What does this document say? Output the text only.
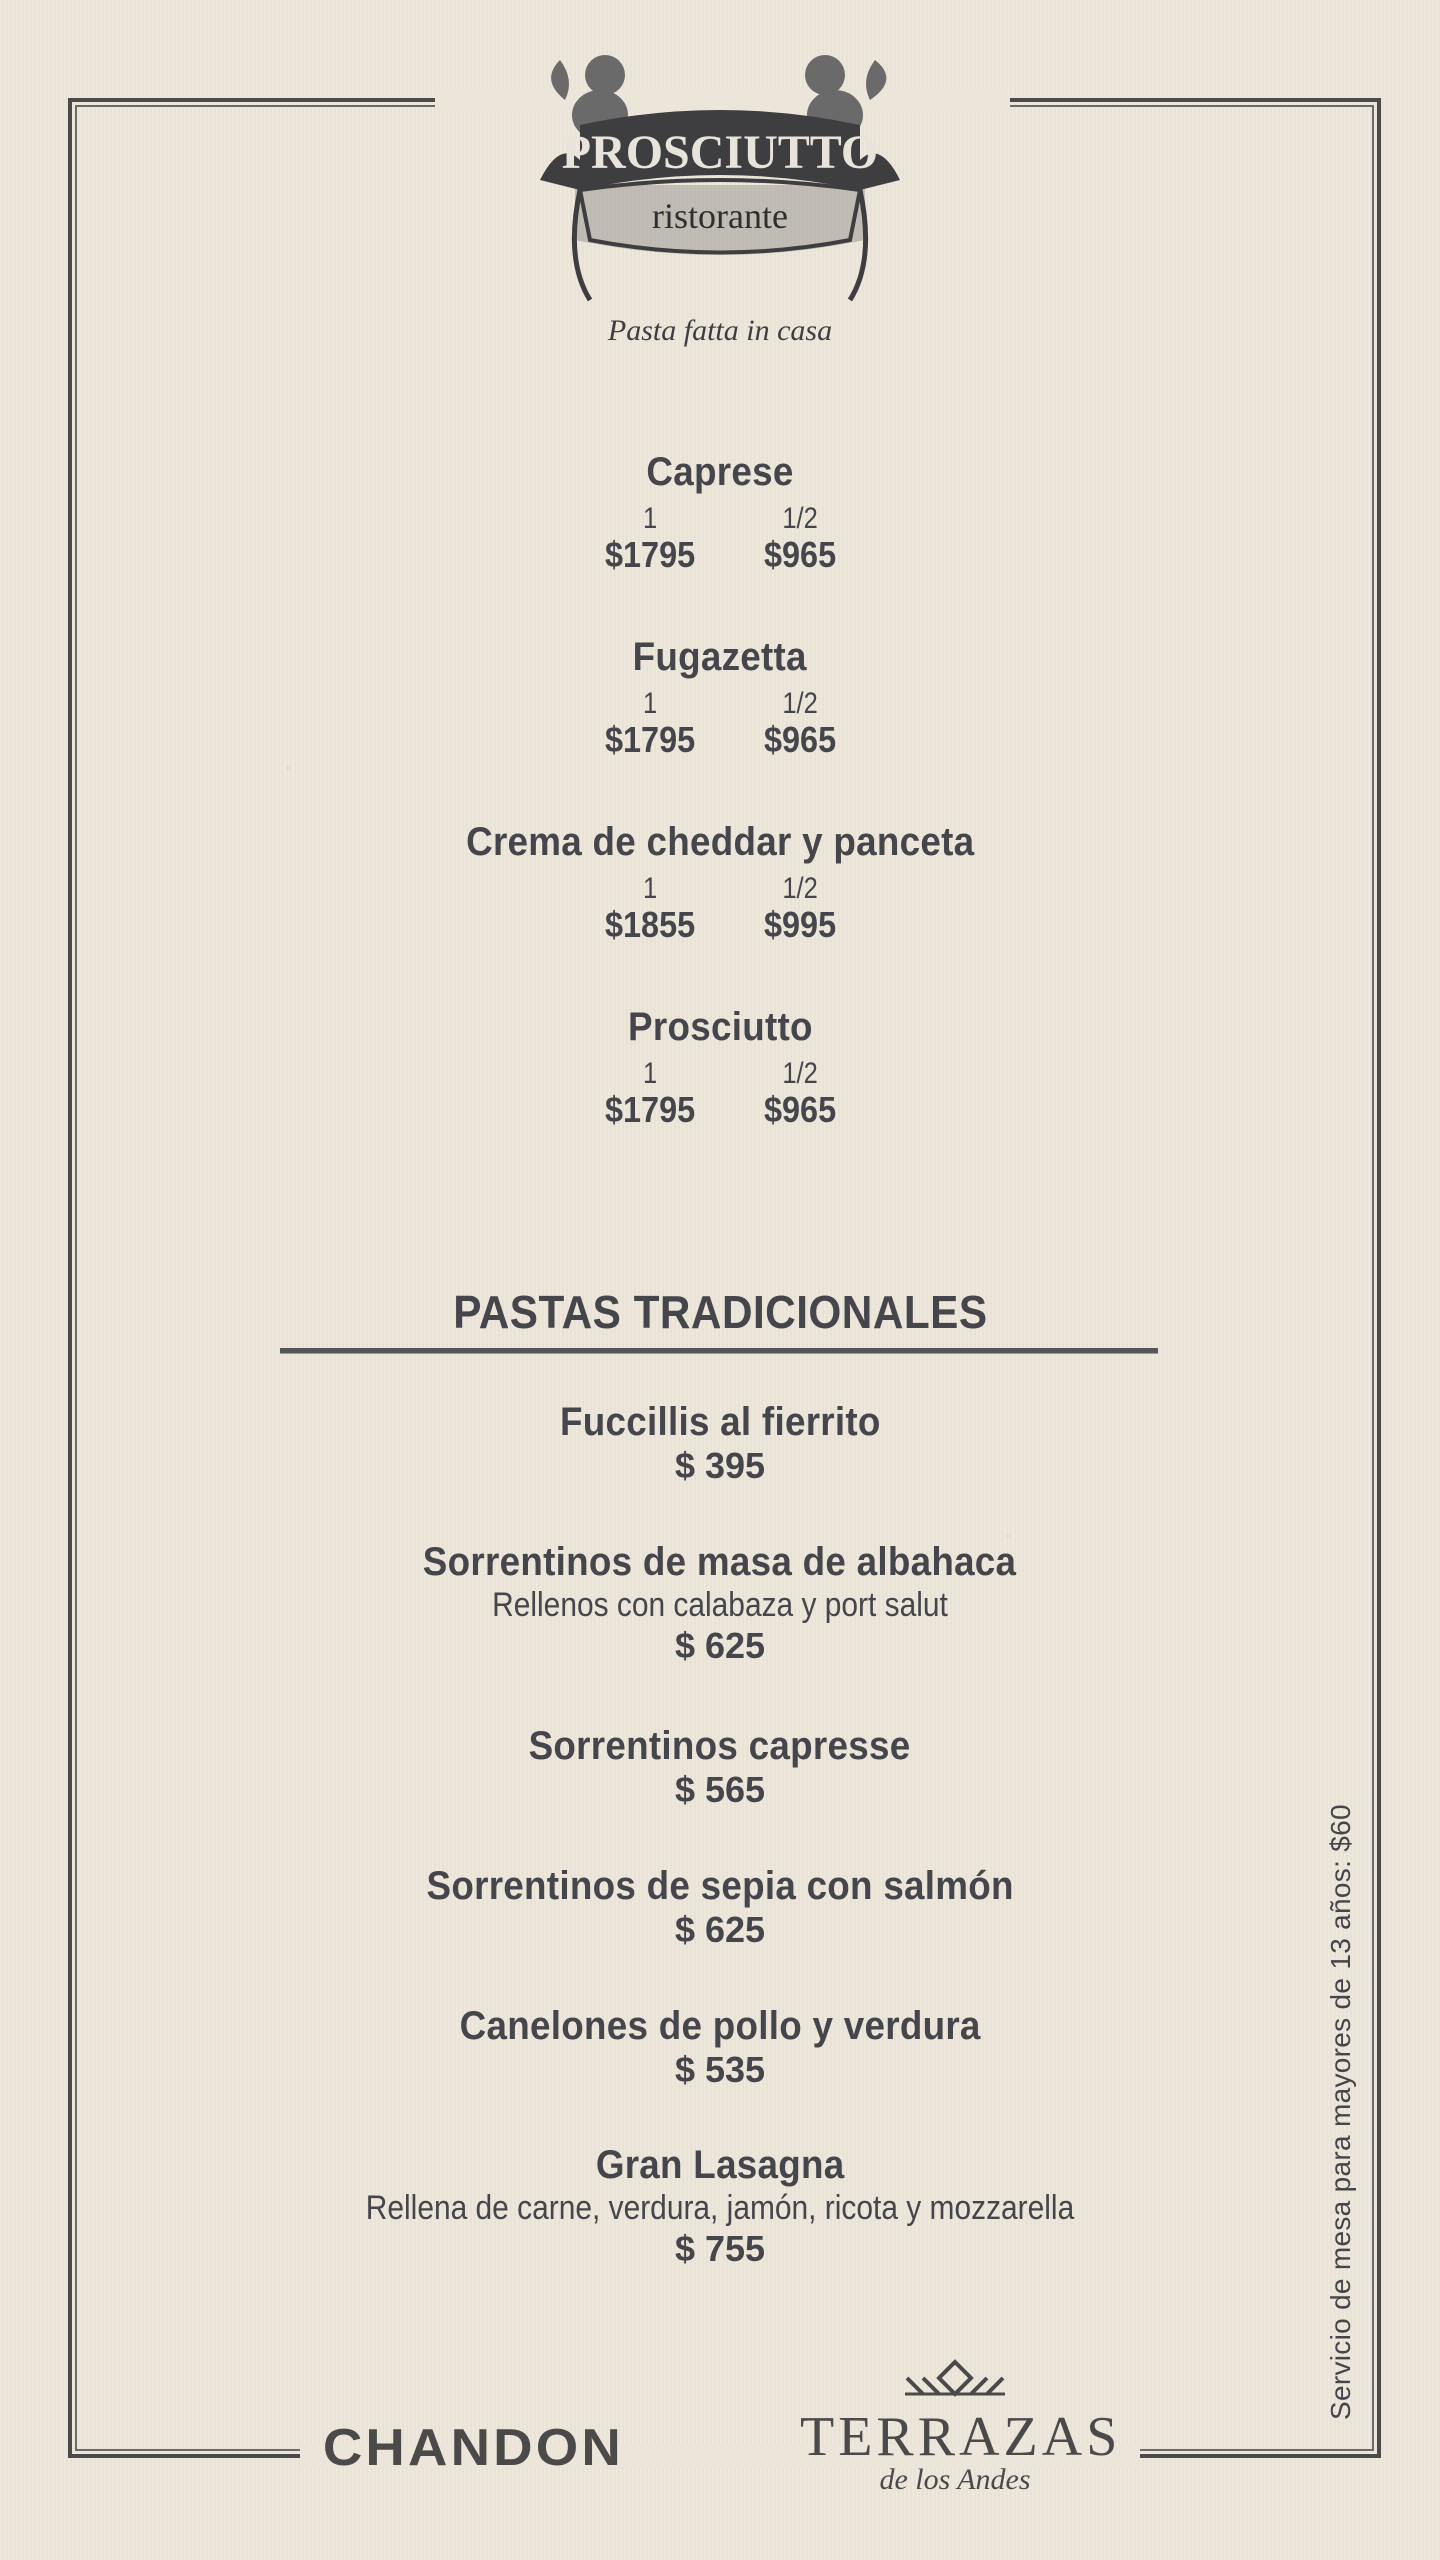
PROSCIUTTO
ristorante
Pasta fatta in casa
Caprese
1
$1795
1/2
$965
Fugazetta
1
$1795
1/2
$965
Crema de cheddar y panceta
1
$1855
1/2
$995
Prosciutto
1
$1795
1/2
$965
PASTAS TRADICIONALES
Fuccillis al fierrito
$ 395
Sorrentinos de masa de albahaca
Rellenos con calabaza y port salut
$ 625
Sorrentinos capresse
$ 565
Sorrentinos de sepia con salmón
$ 625
Canelones de pollo y verdura
$ 535
Gran Lasagna
Rellena de carne, verdura, jamón, ricota y mozzarella
$ 755	Servicio de mesa para mayores de 13 años: $60
CHANDON	TERRAZAS
de los Andes
